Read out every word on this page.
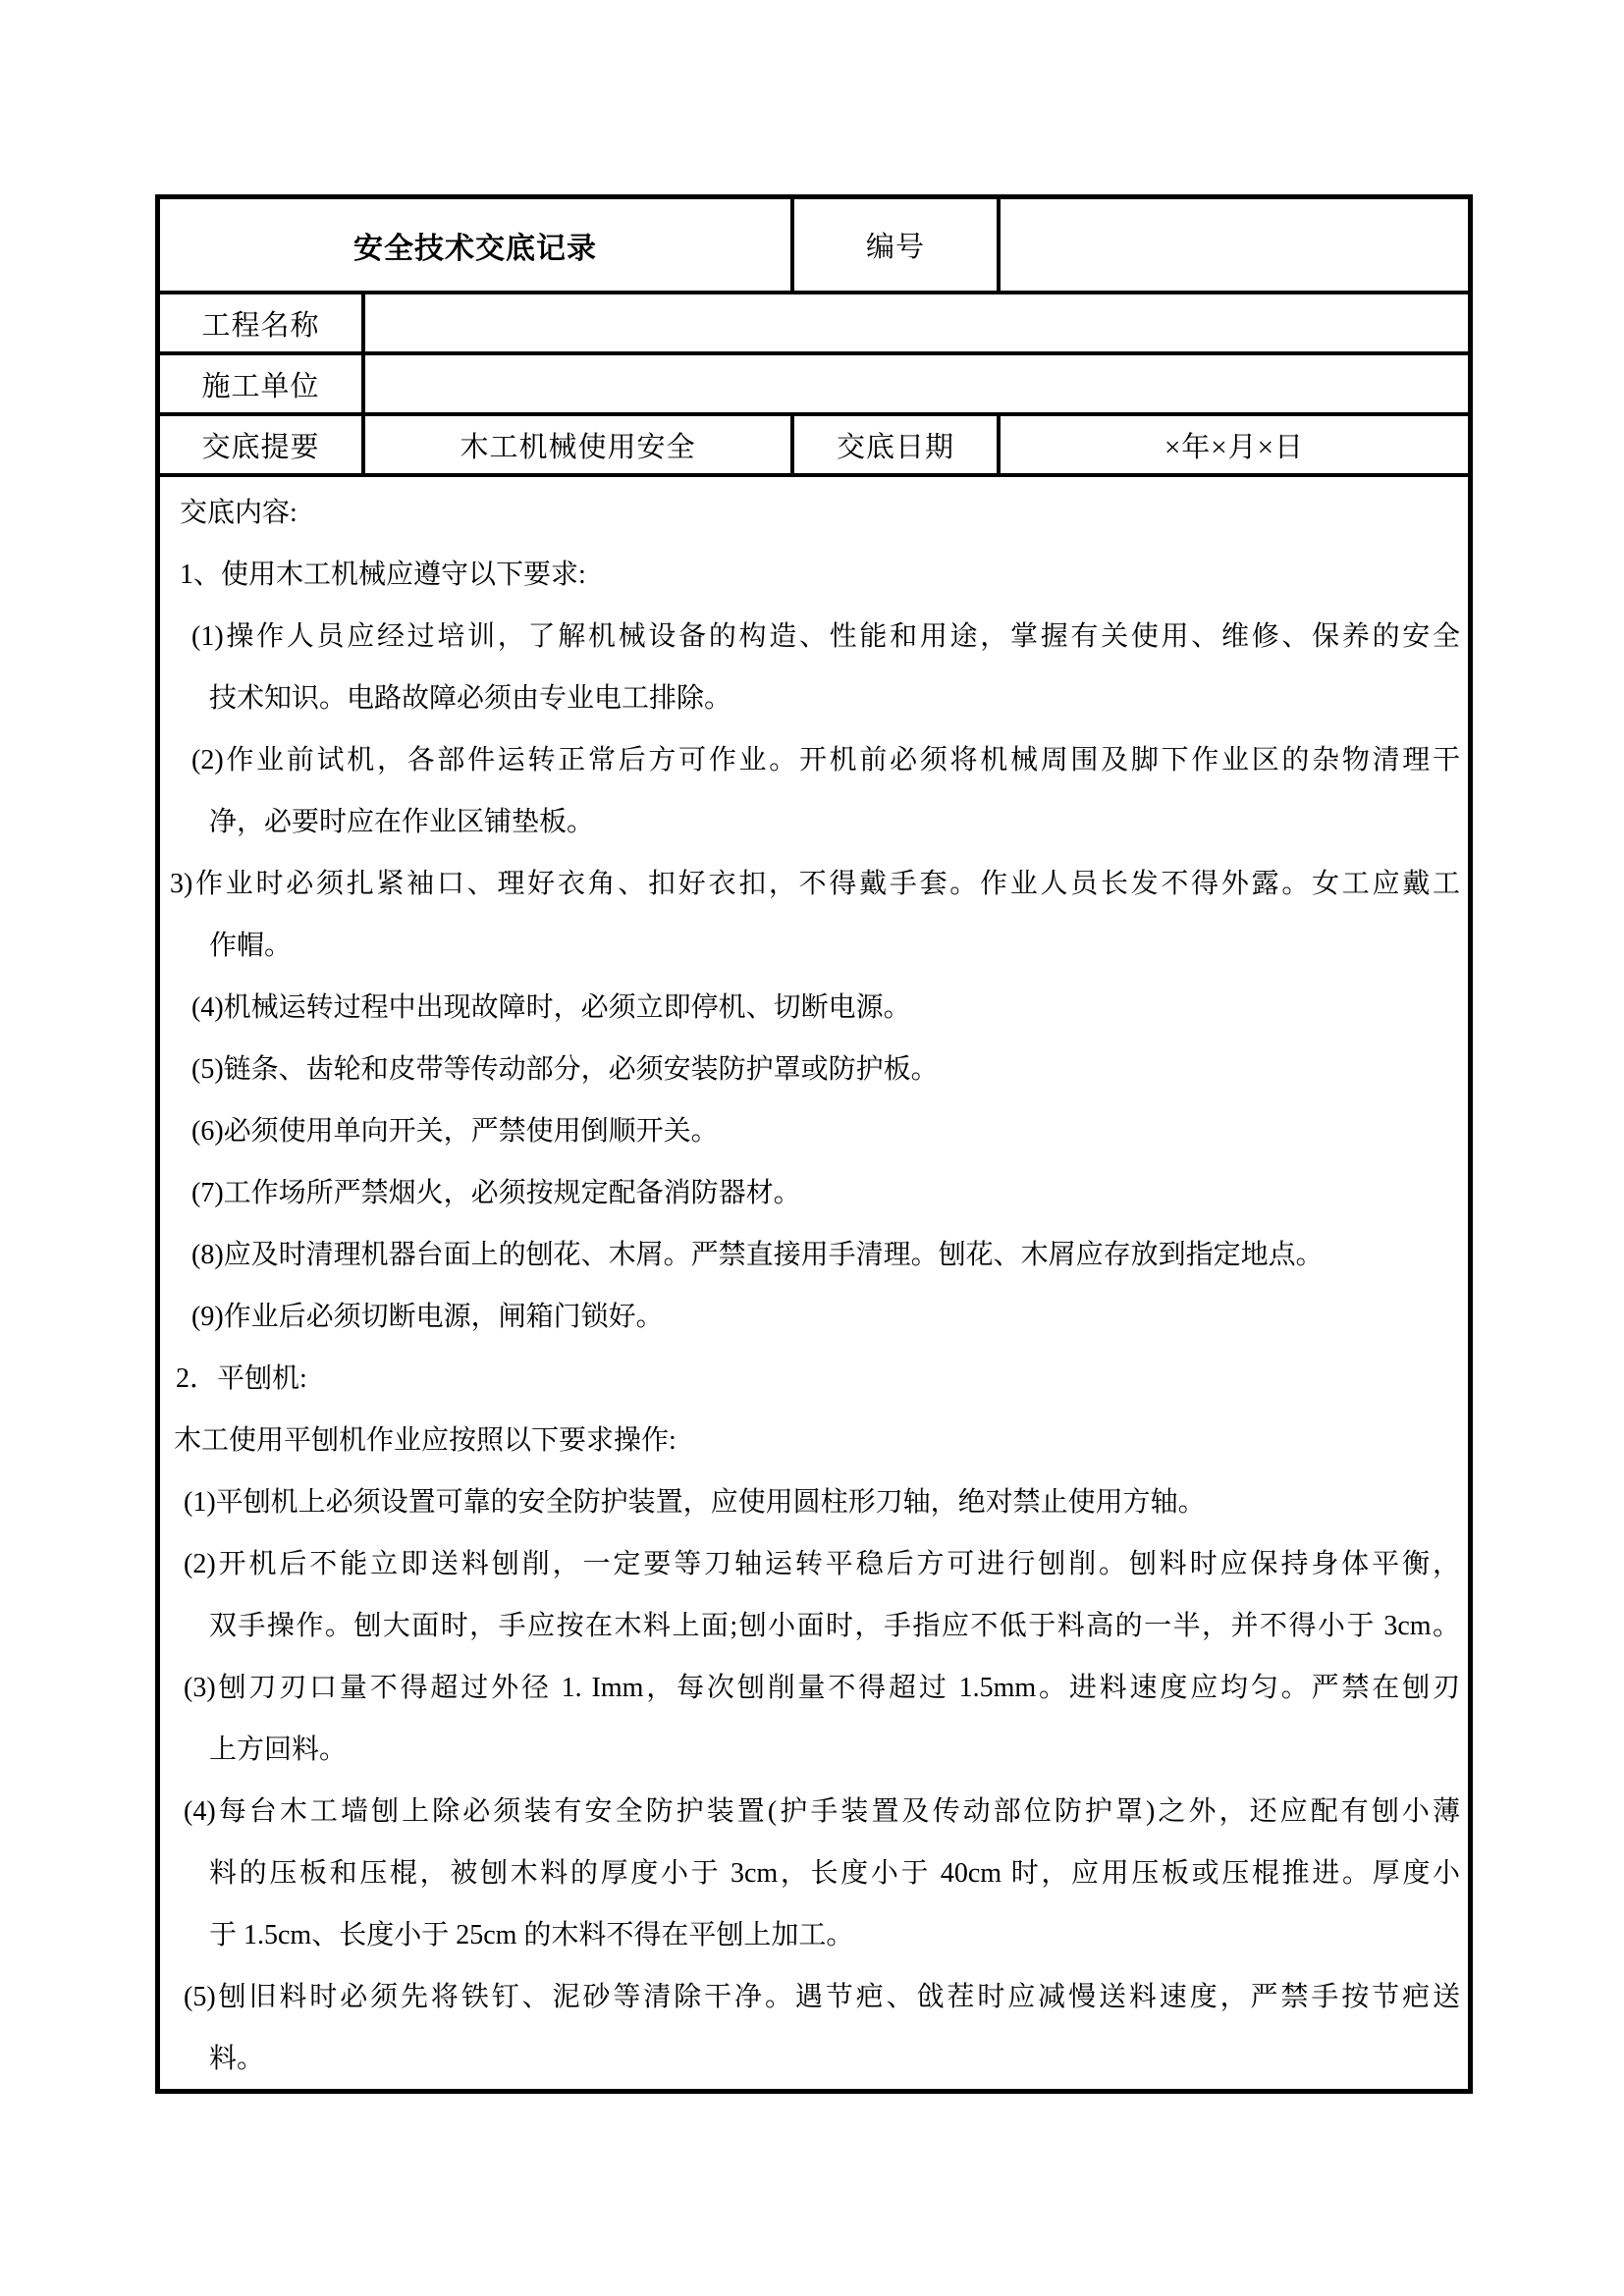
安全技术交底记录	编号
工程名称
施工单位
交底提要	木工机械使用安全	交底日期	×年×月×日
交底内容:
1、使用木工机械应遵守以下要求:
(1)操作人员应经过培训，了解机械设备的构造、性能和用途，掌握有关使用、维修、保养的安全
技术知识。电路故障必须由专业电工排除。
(2)作业前试机，各部件运转正常后方可作业。开机前必须将机械周围及脚下作业区的杂物清理干
净，必要时应在作业区铺垫板。
3)作业时必须扎紧袖口、理好衣角、扣好衣扣，不得戴手套。作业人员长发不得外露。女工应戴工
作帽。
(4)机械运转过程中出现故障时，必须立即停机、切断电源。
(5)链条、齿轮和皮带等传动部分，必须安装防护罩或防护板。
(6)必须使用单向开关，严禁使用倒顺开关。
(7)工作场所严禁烟火，必须按规定配备消防器材。
(8)应及时清理机器台面上的刨花、木屑。严禁直接用手清理。刨花、木屑应存放到指定地点。
(9)作业后必须切断电源，闸箱门锁好。
2．平刨机:
木工使用平刨机作业应按照以下要求操作:
(1)平刨机上必须设置可靠的安全防护装置，应使用圆柱形刀轴，绝对禁止使用方轴。
(2)开机后不能立即送料刨削，一定要等刀轴运转平稳后方可进行刨削。刨料时应保持身体平衡，
双手操作。刨大面时，手应按在木料上面;刨小面时，手指应不低于料高的一半，并不得小于 3cm。
(3)刨刀刃口量不得超过外径 1. Imm，每次刨削量不得超过 1.5mm。进料速度应均匀。严禁在刨刃
上方回料。
(4)每台木工墙刨上除必须装有安全防护装置(护手装置及传动部位防护罩)之外，还应配有刨小薄
料的压板和压棍，被刨木料的厚度小于 3cm，长度小于 40cm 时，应用压板或压棍推进。厚度小
于 1.5cm、长度小于 25cm 的木料不得在平刨上加工。
(5)刨旧料时必须先将铁钉、泥砂等清除干净。遇节疤、戗茬时应减慢送料速度，严禁手按节疤送
料。
